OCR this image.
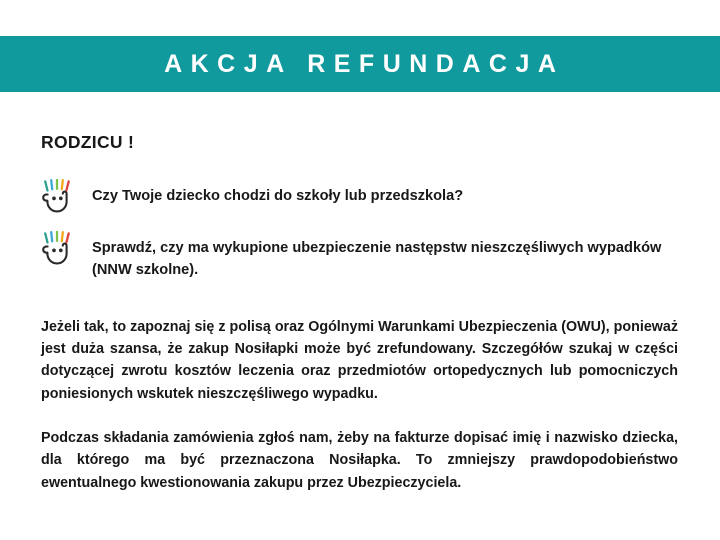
AKCJA REFUNDACJA
RODZICU !
Czy Twoje dziecko chodzi do szkoły lub przedszkola?
Sprawdź, czy ma wykupione ubezpieczenie następstw nieszczęśliwych wypadków (NNW szkolne).

Jeżeli tak, to zapoznaj się z polisą oraz Ogólnymi Warunkami Ubezpieczenia (OWU), ponieważ jest duża szansa, że zakup Nosiłapki może być zrefundowany. Szczegółów szukaj w części dotyczącej zwrotu kosztów leczenia oraz przedmiotów ortopedycznych lub pomocniczych poniesionych wskutek nieszczęśliwego wypadku.

Podczas składania zamówienia zgłoś nam, żeby na fakturze dopisać imię i nazwisko dziecka, dla którego ma być przeznaczona Nosiłapka. To zmniejszy prawdopodobieństwo ewentualnego kwestionowania zakupu przez Ubezpieczyciela.
